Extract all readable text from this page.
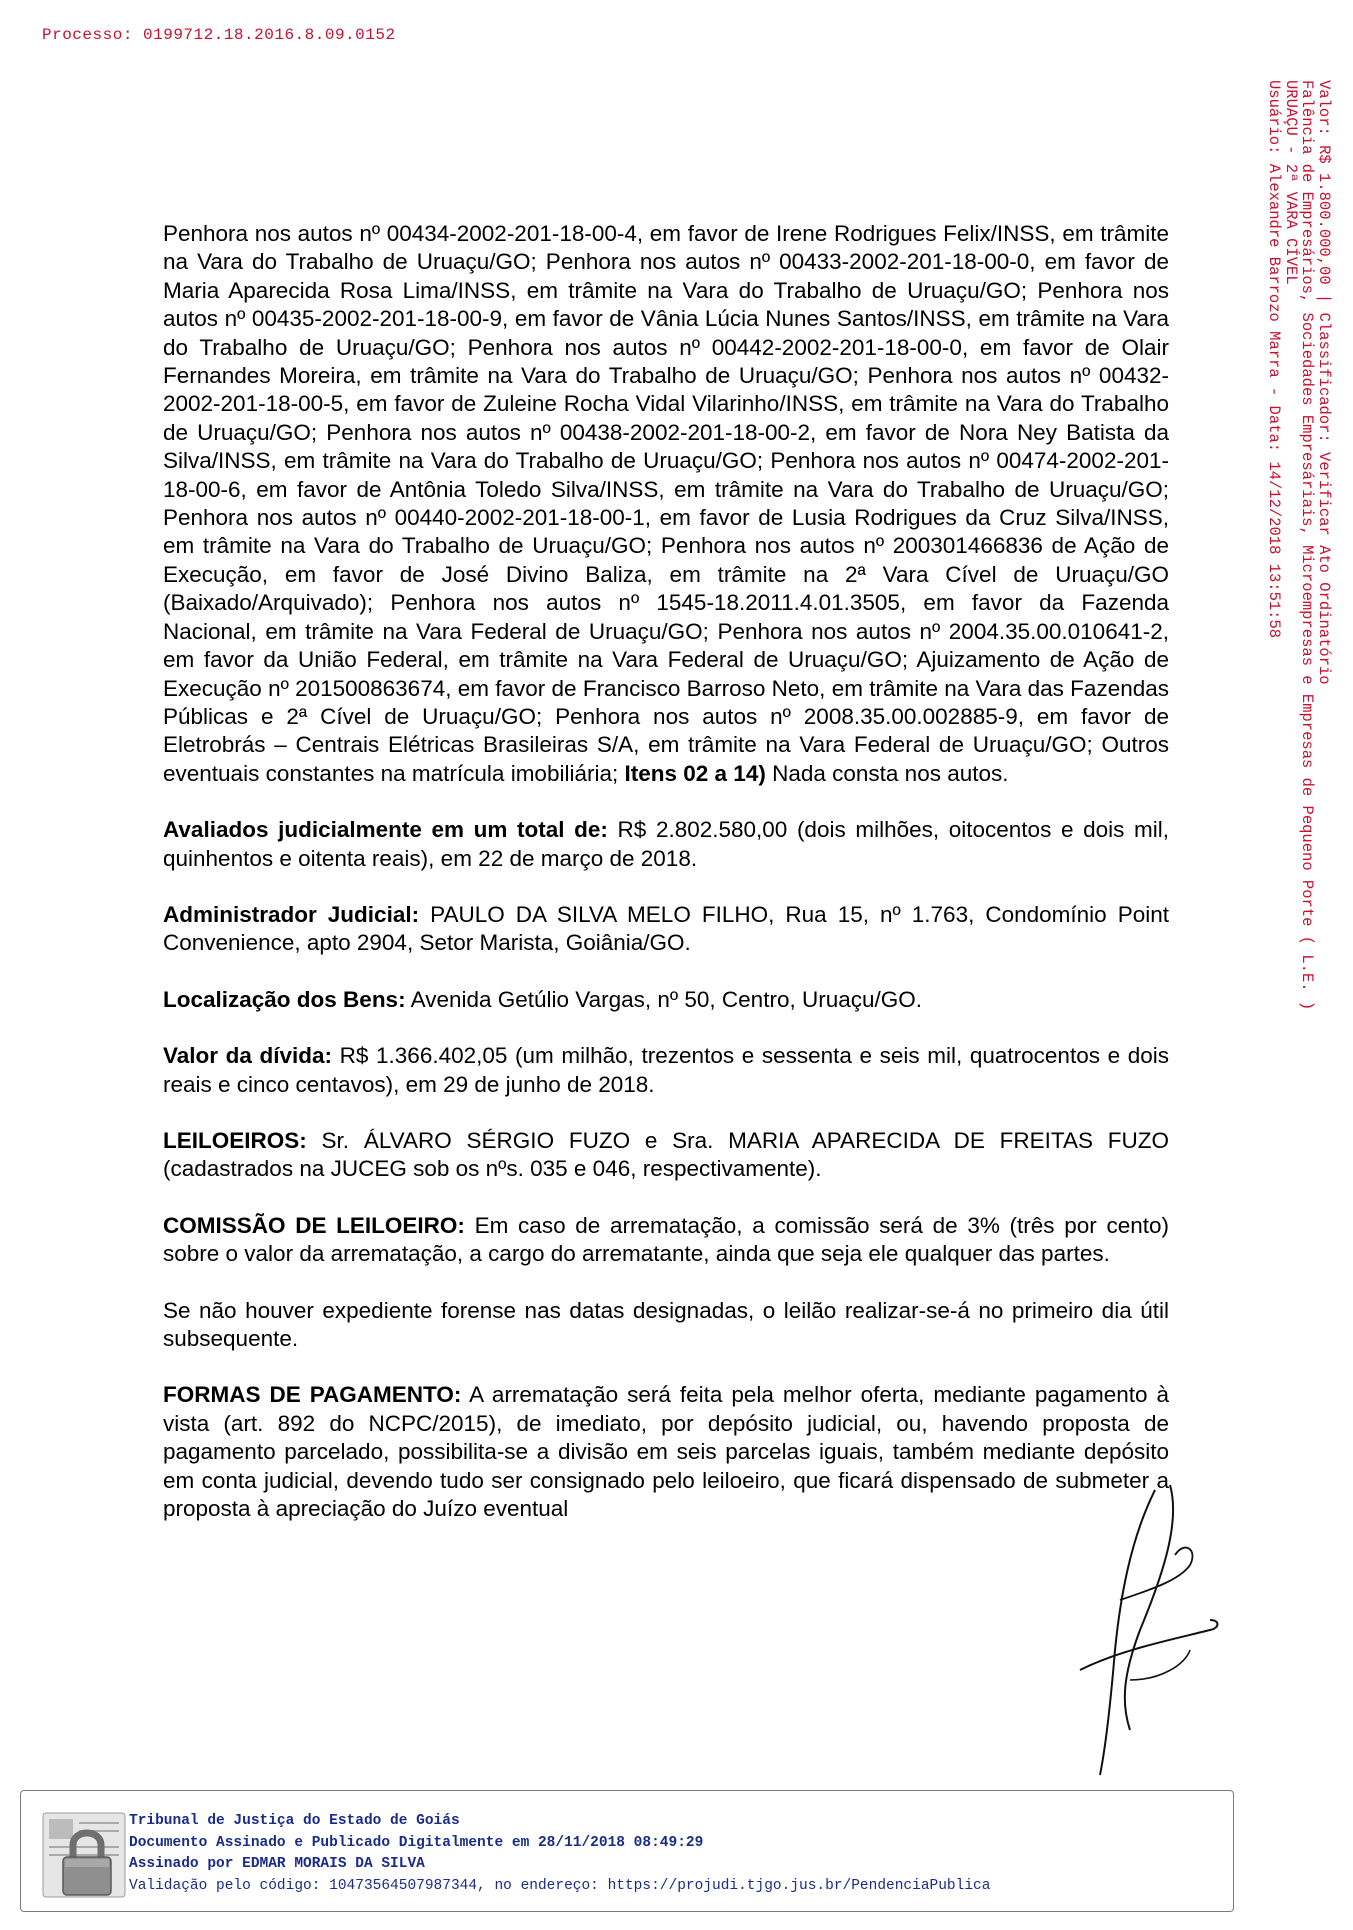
Processo: 0199712.18.2016.8.09.0152
Valor: R$ 1.800.000,00 | Classificador: Verificar Ato Ordinatório
Falência de Empresários, Sociedades Empresáriais, Microempresas e Empresas de Pequeno Porte ( L.E. )
URUAÇU - 2ª VARA CÍVEL
Usuário: Alexandre Barrozo Marra - Data: 14/12/2018 13:51:58

Penhora nos autos nº 00434-2002-201-18-00-4, em favor de Irene Rodrigues Felix/INSS, em trâmite na Vara do Trabalho de Uruaçu/GO; Penhora nos autos nº 00433-2002-201-18-00-0, em favor de Maria Aparecida Rosa Lima/INSS, em trâmite na Vara do Trabalho de Uruaçu/GO; Penhora nos autos nº 00435-2002-201-18-00-9, em favor de Vânia Lúcia Nunes Santos/INSS, em trâmite na Vara do Trabalho de Uruaçu/GO; Penhora nos autos nº 00442-2002-201-18-00-0, em favor de Olair Fernandes Moreira, em trâmite na Vara do Trabalho de Uruaçu/GO; Penhora nos autos nº 00432-2002-201-18-00-5, em favor de Zuleine Rocha Vidal Vilarinho/INSS, em trâmite na Vara do Trabalho de Uruaçu/GO; Penhora nos autos nº 00438-2002-201-18-00-2, em favor de Nora Ney Batista da Silva/INSS, em trâmite na Vara do Trabalho de Uruaçu/GO; Penhora nos autos nº 00474-2002-201-18-00-6, em favor de Antônia Toledo Silva/INSS, em trâmite na Vara do Trabalho de Uruaçu/GO; Penhora nos autos nº 00440-2002-201-18-00-1, em favor de Lusia Rodrigues da Cruz Silva/INSS, em trâmite na Vara do Trabalho de Uruaçu/GO; Penhora nos autos nº 200301466836 de Ação de Execução, em favor de José Divino Baliza, em trâmite na 2ª Vara Cível de Uruaçu/GO (Baixado/Arquivado); Penhora nos autos nº 1545-18.2011.4.01.3505, em favor da Fazenda Nacional, em trâmite na Vara Federal de Uruaçu/GO; Penhora nos autos nº 2004.35.00.010641-2, em favor da União Federal, em trâmite na Vara Federal de Uruaçu/GO; Ajuizamento de Ação de Execução nº 201500863674, em favor de Francisco Barroso Neto, em trâmite na Vara das Fazendas Públicas e 2ª Cível de Uruaçu/GO; Penhora nos autos nº 2008.35.00.002885-9, em favor de Eletrobrás – Centrais Elétricas Brasileiras S/A, em trâmite na Vara Federal de Uruaçu/GO; Outros eventuais constantes na matrícula imobiliária; Itens 02 a 14) Nada consta nos autos.

Avaliados judicialmente em um total de: R$ 2.802.580,00 (dois milhões, oitocentos e dois mil, quinhentos e oitenta reais), em 22 de março de 2018.

Administrador Judicial: PAULO DA SILVA MELO FILHO, Rua 15, nº 1.763, Condomínio Point Convenience, apto 2904, Setor Marista, Goiânia/GO.

Localização dos Bens: Avenida Getúlio Vargas, nº 50, Centro, Uruaçu/GO.

Valor da dívida: R$ 1.366.402,05 (um milhão, trezentos e sessenta e seis mil, quatrocentos e dois reais e cinco centavos), em 29 de junho de 2018.

LEILOEIROS: Sr. ÁLVARO SÉRGIO FUZO e Sra. MARIA APARECIDA DE FREITAS FUZO (cadastrados na JUCEG sob os nºs. 035 e 046, respectivamente).

COMISSÃO DE LEILOEIRO: Em caso de arrematação, a comissão será de 3% (três por cento) sobre o valor da arrematação, a cargo do arrematante, ainda que seja ele qualquer das partes.

Se não houver expediente forense nas datas designadas, o leilão realizar-se-á no primeiro dia útil subsequente.

FORMAS DE PAGAMENTO: A arrematação será feita pela melhor oferta, mediante pagamento à vista (art. 892 do NCPC/2015), de imediato, por depósito judicial, ou, havendo proposta de pagamento parcelado, possibilita-se a divisão em seis parcelas iguais, também mediante depósito em conta judicial, devendo tudo ser consignado pelo leiloeiro, que ficará dispensado de submeter a proposta à apreciação do Juízo eventual

Tribunal de Justiça do Estado de Goiás
Documento Assinado e Publicado Digitalmente em 28/11/2018 08:49:29
Assinado por EDMAR MORAIS DA SILVA
Validação pelo código: 10473564507987344, no endereço: https://projudi.tjgo.jus.br/PendenciaPublica
